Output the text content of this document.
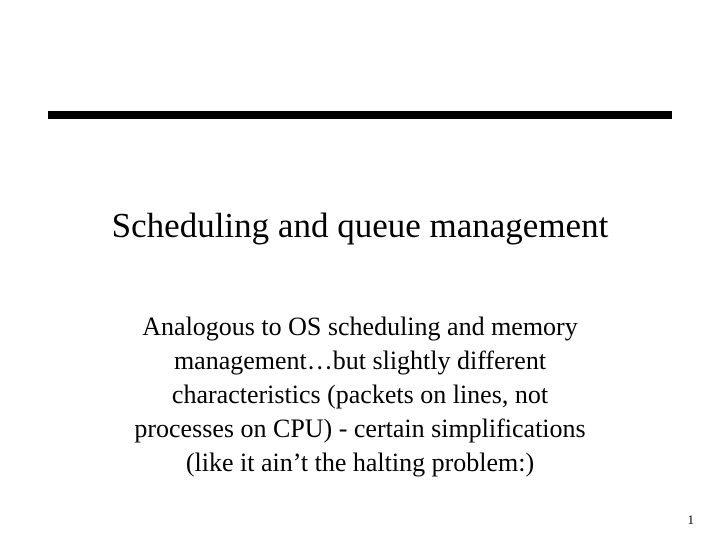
Scheduling and queue management
Analogous to OS scheduling and memory
management…but slightly different
characteristics (packets on lines, not
processes on CPU) - certain simplifications
(like it ain’t the halting problem:)
1
